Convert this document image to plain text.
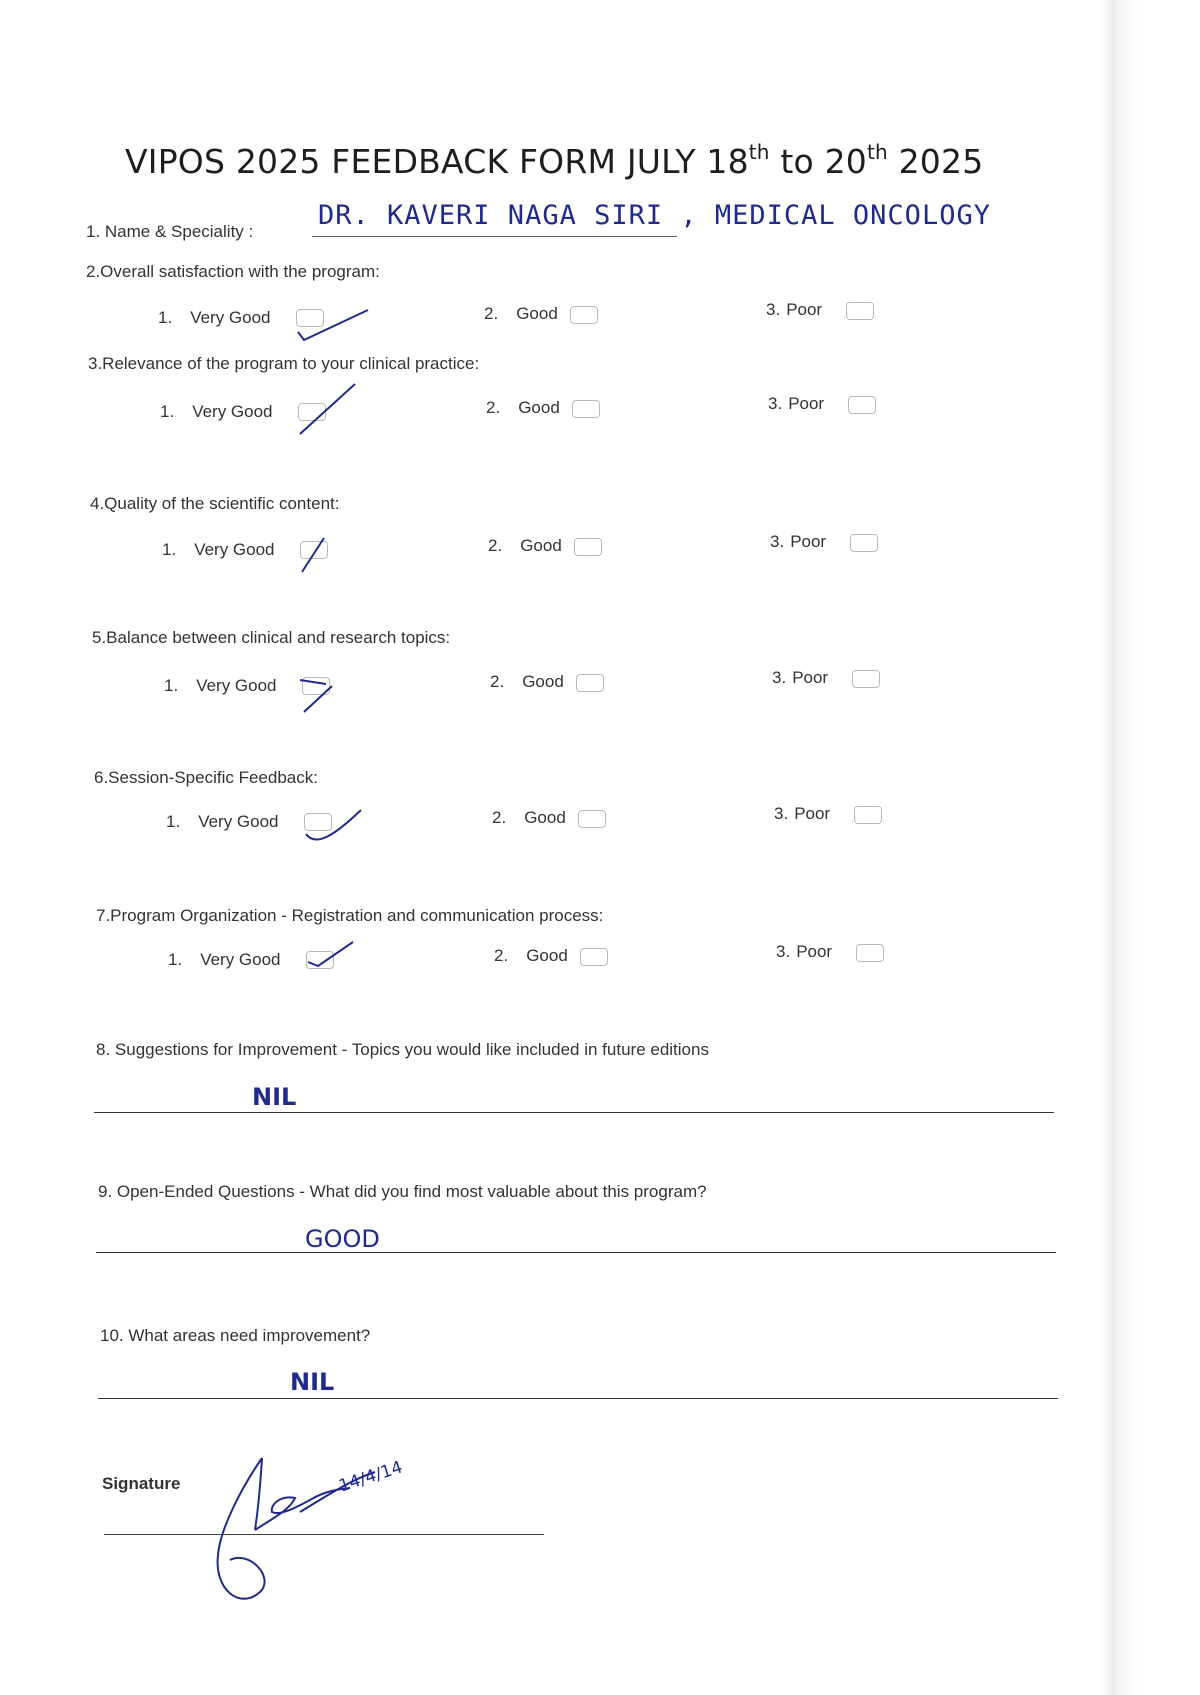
VIPOS 2025 FEEDBACK FORM JULY 18th to 20th 2025
1. Name & Speciality :
DR. KAVERI NAGA SIRI , MEDICAL ONCOLOGY
8. Suggestions for Improvement - Topics you would like included in future editions
NIL
9. Open-Ended Questions - What did you find most valuable about this program?
GOOD
10. What areas need improvement?
NIL
Signature	14/4/14
2.Overall satisfaction with the program:
1. Very Good	2. Good	3. Poor
3.Relevance of the program to your clinical practice:
1. Very Good	2. Good	3. Poor
4.Quality of the scientific content:
1. Very Good	2. Good	3. Poor
5.Balance between clinical and research topics:
1. Very Good	2. Good	3. Poor
6.Session-Specific Feedback:
1. Very Good	2. Good	3. Poor
7.Program Organization - Registration and communication process:
1. Very Good	2. Good	3. Poor
